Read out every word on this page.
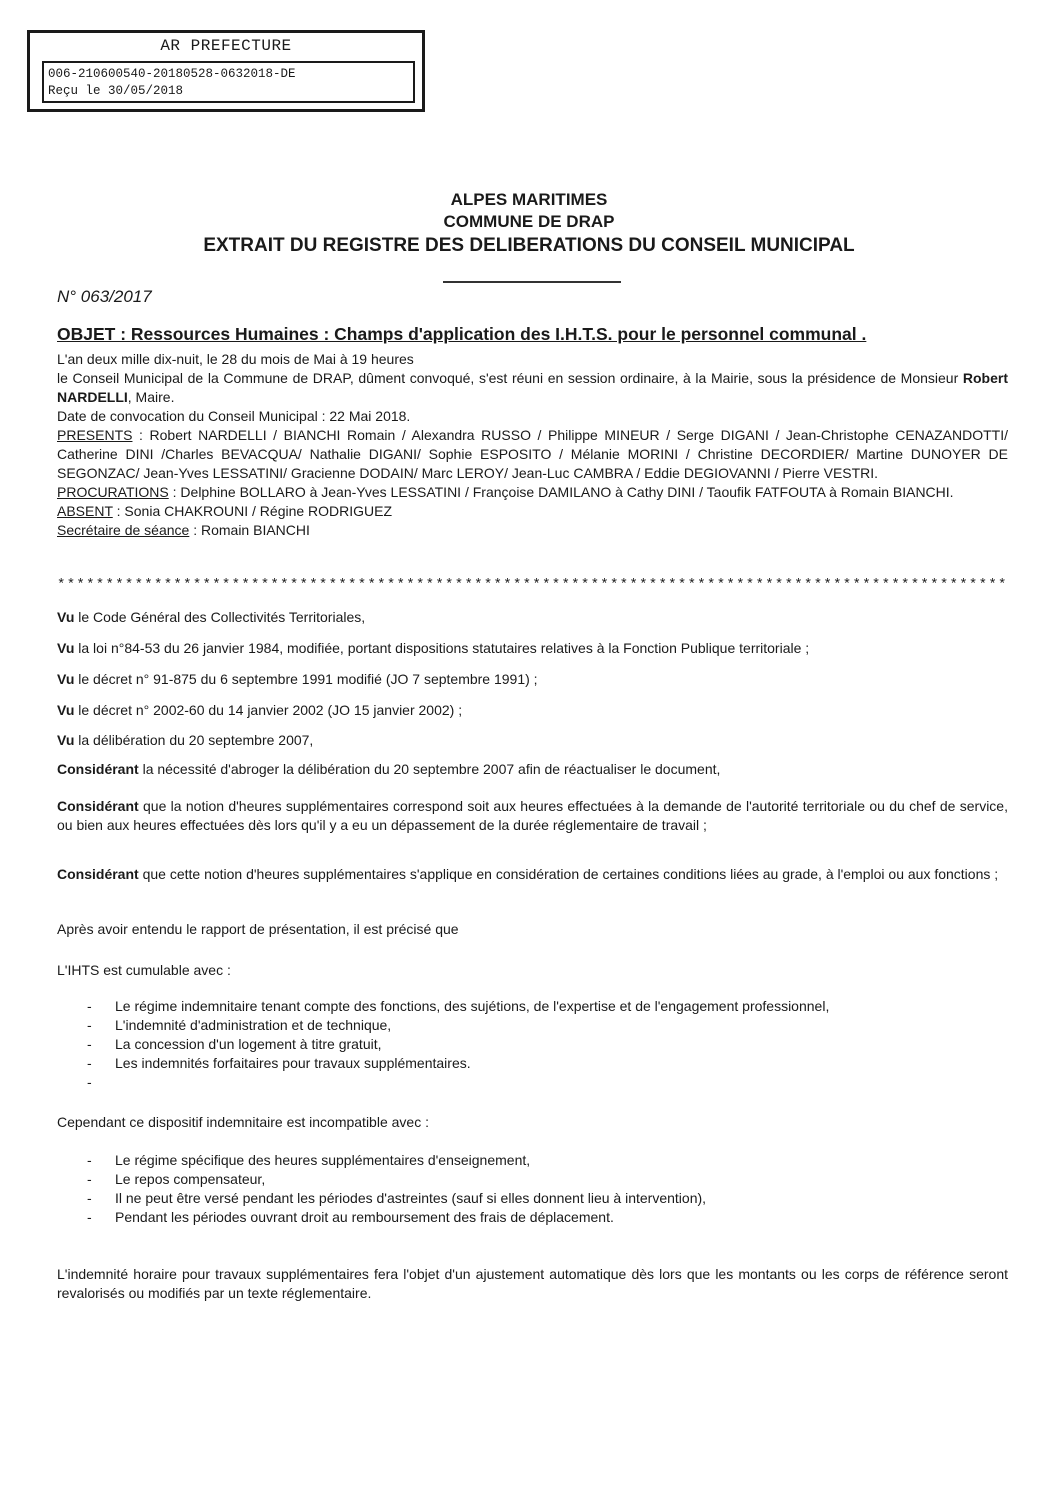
AR PREFECTURE
006-210600540-20180528-0632018-DE
Reçu le 30/05/2018
ALPES MARITIMES
COMMUNE DE DRAP
EXTRAIT DU REGISTRE DES DELIBERATIONS DU CONSEIL MUNICIPAL
N° 063/2017
OBJET : Ressources Humaines : Champs d'application des I.H.T.S. pour le personnel communal .
L'an deux mille dix-nuit, le 28 du mois de Mai à 19 heures
le Conseil Municipal de la Commune de DRAP, dûment convoqué, s'est réuni en session ordinaire, à la Mairie, sous la présidence de Monsieur Robert NARDELLI, Maire.
Date de convocation du Conseil Municipal : 22 Mai 2018.
PRESENTS : Robert NARDELLI / BIANCHI Romain / Alexandra RUSSO / Philippe MINEUR / Serge DIGANI / Jean-Christophe CENAZANDOTTI/ Catherine DINI /Charles BEVACQUA/ Nathalie DIGANI/ Sophie ESPOSITO / Mélanie MORINI / Christine DECORDIER/ Martine DUNOYER DE SEGONZAC/ Jean-Yves LESSATINI/ Gracienne DODAIN/ Marc LEROY/ Jean-Luc CAMBRA / Eddie DEGIOVANNI / Pierre VESTRI.
PROCURATIONS : Delphine BOLLARO à Jean-Yves LESSATINI / Françoise DAMILANO à Cathy DINI / Taoufik FATFOUTA à Romain BIANCHI.
ABSENT : Sonia CHAKROUNI / Régine RODRIGUEZ
Secrétaire de séance : Romain BIANCHI
**************************************************************************************************
Vu le Code Général des Collectivités Territoriales,
Vu la loi n°84-53 du 26 janvier 1984, modifiée, portant dispositions statutaires relatives à la Fonction Publique territoriale ;
Vu le décret n° 91-875 du 6 septembre 1991 modifié (JO 7 septembre 1991) ;
Vu le décret n° 2002-60 du 14 janvier 2002 (JO 15 janvier 2002) ;
Vu la délibération du 20 septembre 2007,
Considérant la nécessité d'abroger la délibération du 20 septembre 2007 afin de réactualiser le document,
Considérant que la notion d'heures supplémentaires correspond soit aux heures effectuées à la demande de l'autorité territoriale ou du chef de service, ou bien aux heures effectuées dès lors qu'il y a eu un dépassement de la durée réglementaire de travail ;
Considérant que cette notion d'heures supplémentaires s'applique en considération de certaines conditions liées au grade, à l'emploi ou aux fonctions ;
Après avoir entendu le rapport de présentation, il est précisé que
L'IHTS est cumulable avec :
- Le régime indemnitaire tenant compte des fonctions, des sujétions, de l'expertise et de l'engagement professionnel,
- L'indemnité d'administration et de technique,
- La concession d'un logement à titre gratuit,
- Les indemnités forfaitaires pour travaux supplémentaires.
-
Cependant ce dispositif indemnitaire est incompatible avec :
- Le régime spécifique des heures supplémentaires d'enseignement,
- Le repos compensateur,
- Il ne peut être versé pendant les périodes d'astreintes (sauf si elles donnent lieu à intervention),
- Pendant les périodes ouvrant droit au remboursement des frais de déplacement.
L'indemnité horaire pour travaux supplémentaires fera l'objet d'un ajustement automatique dès lors que les montants ou les corps de référence seront revalorisés ou modifiés par un texte réglementaire.
